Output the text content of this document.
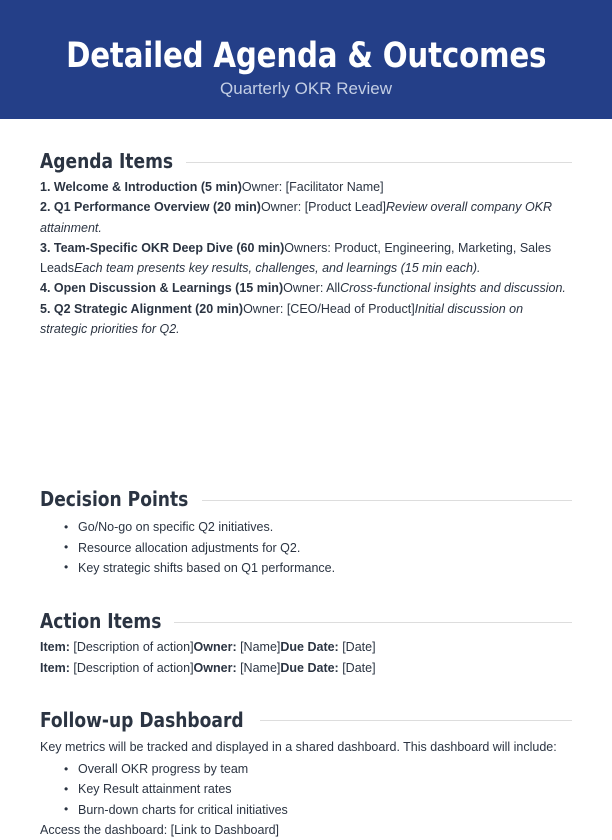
Detailed Agenda & Outcomes
Quarterly OKR Review
Agenda Items

1. Welcome & Introduction (5 min)Owner: [Facilitator Name]

2. Q1 Performance Overview (20 min)Owner: [Product Lead]Review overall company OKR attainment.

3. Team-Specific OKR Deep Dive (60 min)Owners: Product, Engineering, Marketing, Sales LeadsEach team presents key results, challenges, and learnings (15 min each).

4. Open Discussion & Learnings (15 min)Owner: AllCross-functional insights and discussion.

5. Q2 Strategic Alignment (20 min)Owner: [CEO/Head of Product]Initial discussion on strategic priorities for Q2.

Decision Points
• Go/No-go on specific Q2 initiatives.
• Resource allocation adjustments for Q2.
• Key strategic shifts based on Q1 performance.
Action Items

Item: [Description of action]Owner: [Name]Due Date: [Date]

Item: [Description of action]Owner: [Name]Due Date: [Date]

Follow-up Dashboard

Key metrics will be tracked and displayed in a shared dashboard. This dashboard will include:

• Overall OKR progress by team
• Key Result attainment rates
• Burn-down charts for critical initiatives

Access the dashboard: [Link to Dashboard]
